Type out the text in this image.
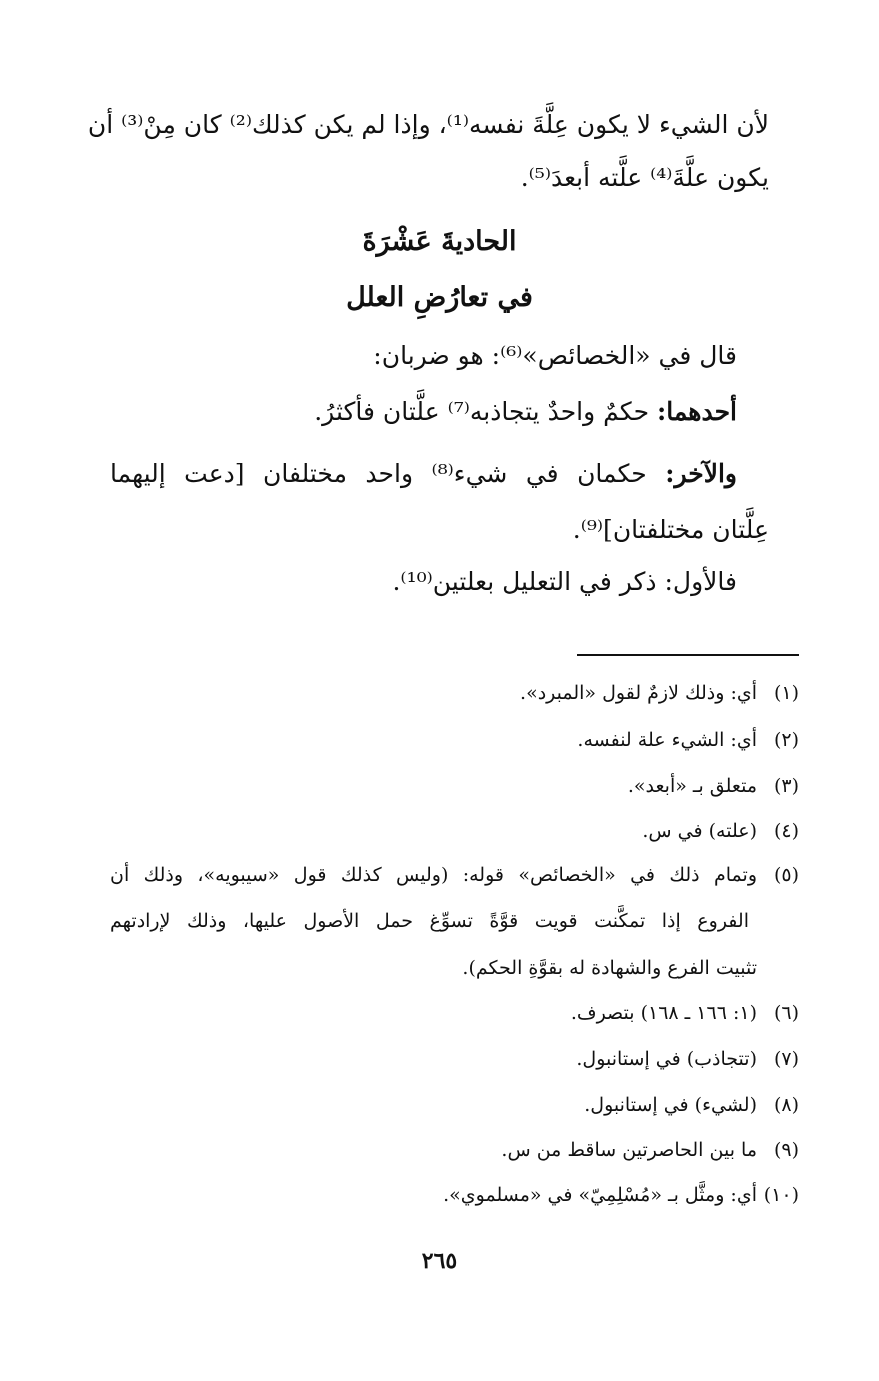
لأن الشيء لا يكون عِلَّةَ نفسه⁽¹⁾، وإذا لم يكن كذلك⁽²⁾ كان مِنْ⁽³⁾ أن
يكون علَّةَ⁽⁴⁾ علَّته أبعدَ⁽⁵⁾.
الحاديةَ عَشْرَةَ
في تعارُضِ العلل
قال في «الخصائص»⁽⁶⁾: هو ضربان:
أحدهما: حكمٌ واحدٌ يتجاذبه⁽⁷⁾ علَّتان فأكثرُ.
والآخر: حكمان في شيء⁽⁸⁾ واحد مختلفان [دعت إليهما
عِلَّتان مختلفتان]⁽⁹⁾.
فالأول: ذكر في التعليل بعلتين⁽¹⁰⁾.
(١)أي: وذلك لازمٌ لقول «المبرد».
(٢)أي: الشيء علة لنفسه.
(٣)متعلق بـ «أبعد».
(٤)(علته) في س.
(٥)وتمام ذلك في «الخصائص» قوله: (وليس كذلك قول «سيبويه»، وذلك أن
الفروع إذا تمكَّنت قويت قوَّةً تسوِّغ حمل الأصول عليها، وذلك لإرادتهم
تثبيت الفرع والشهادة له بقوَّةِ الحكم).
(٦)(١: ١٦٦ ـ ١٦٨) بتصرف.
(٧)(تتجاذب) في إستانبول.
(٨)(لشيء) في إستانبول.
(٩)ما بين الحاصرتين ساقط من س.
(١٠)أي: ومثَّل بـ «مُسْلِمِيّ» في «مسلموي».
٢٦٥
